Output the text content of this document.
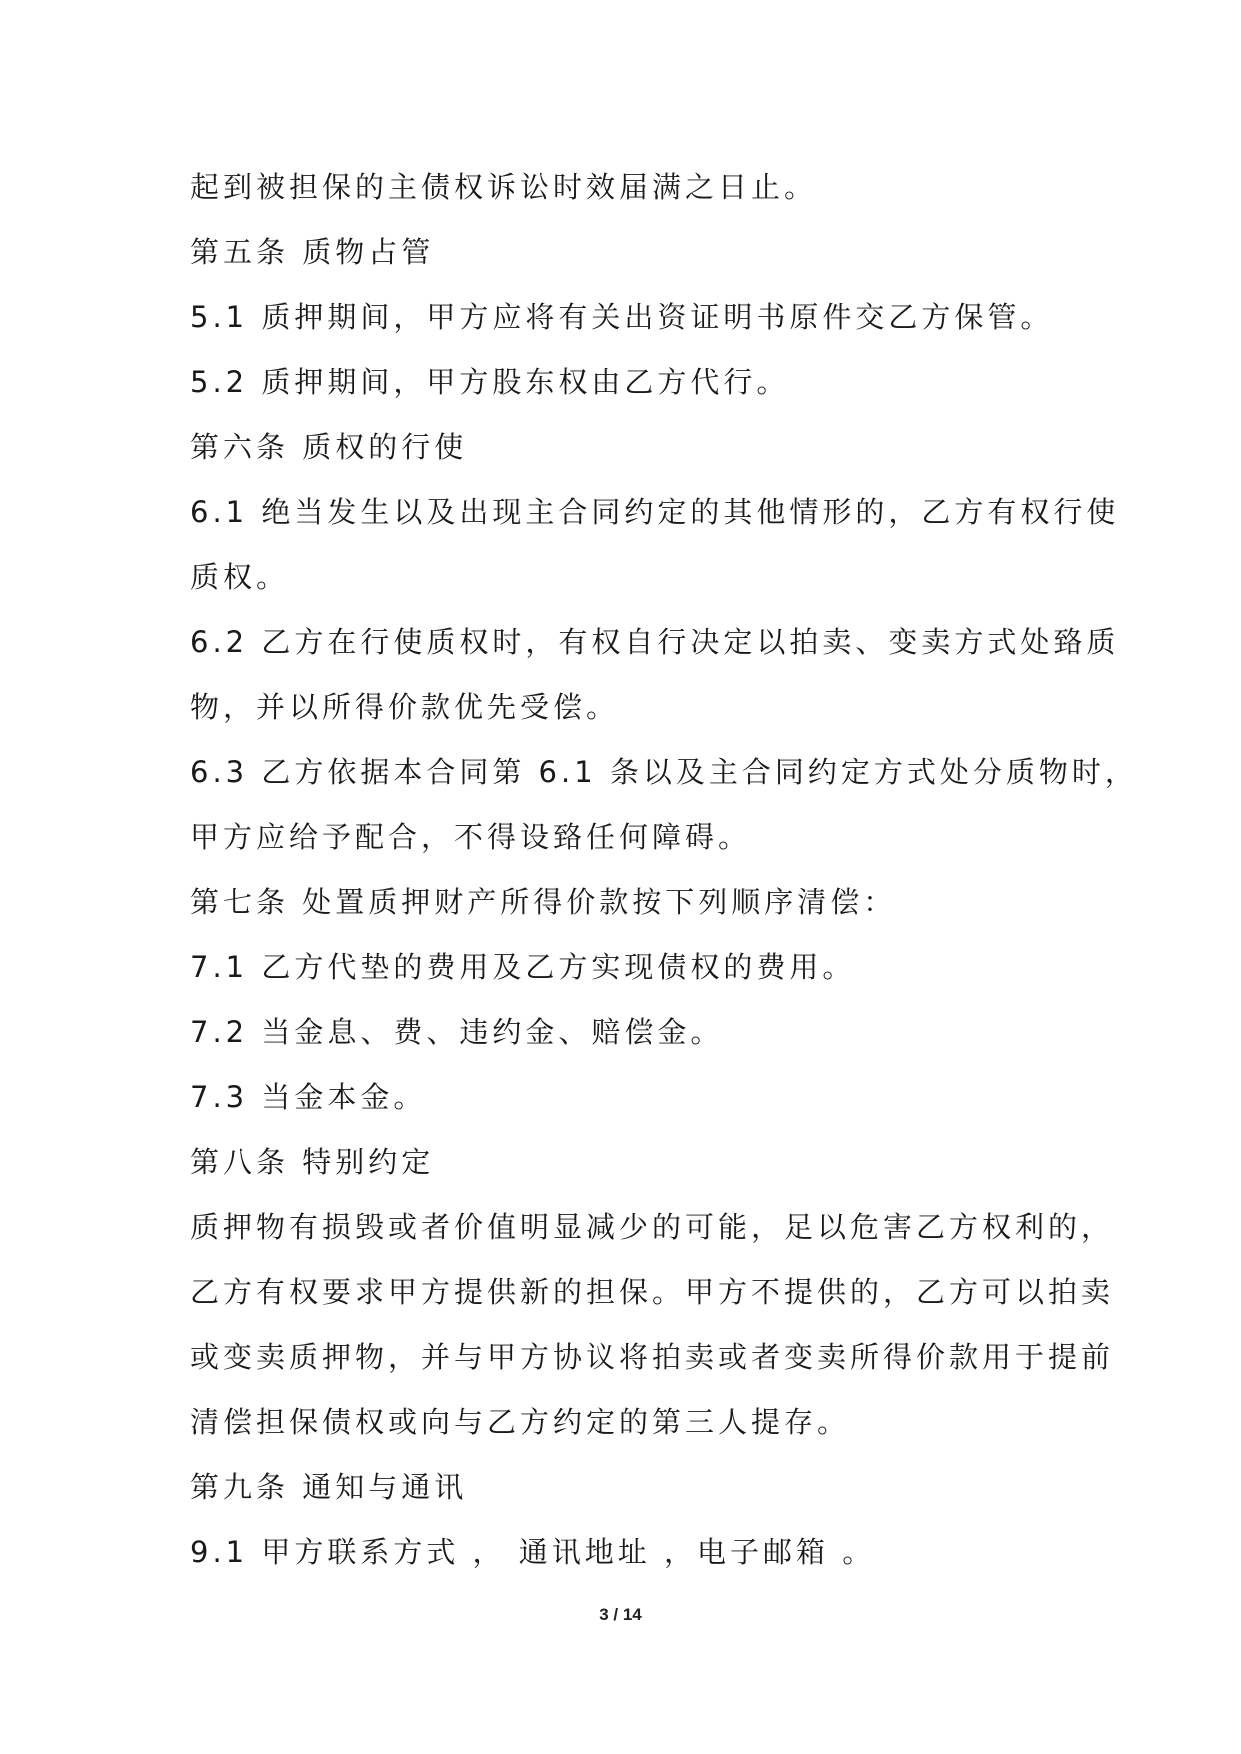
起到被担保的主债权诉讼时效届满之日止。

第五条 质物占管

5.1 质押期间，甲方应将有关出资证明书原件交乙方保管。

5.2 质押期间，甲方股东权由乙方代行。

第六条 质权的行使

6.1 绝当发生以及出现主合同约定的其他情形的，乙方有权行使

质权。

6.2 乙方在行使质权时，有权自行决定以拍卖、变卖方式处臵质

物，并以所得价款优先受偿。

6.3 乙方依据本合同第 6.1 条以及主合同约定方式处分质物时，

甲方应给予配合，不得设臵任何障碍。

第七条 处置质押财产所得价款按下列顺序清偿：

7.1 乙方代垫的费用及乙方实现债权的费用。

7.2 当金息、费、违约金、赔偿金。

7.3 当金本金。

第八条 特别约定

质押物有损毁或者价值明显减少的可能，足以危害乙方权利的，

乙方有权要求甲方提供新的担保。甲方不提供的，乙方可以拍卖

或变卖质押物，并与甲方协议将拍卖或者变卖所得价款用于提前

清偿担保债权或向与乙方约定的第三人提存。

第九条 通知与通讯

9.1 甲方联系方式 ， 通讯地址 ，电子邮箱 。

3 / 14
